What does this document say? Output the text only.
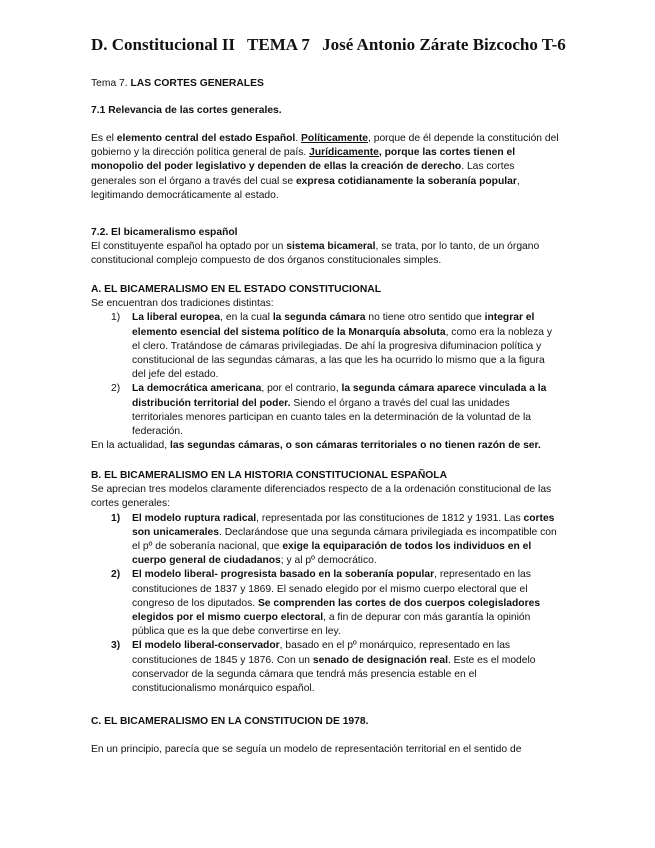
D. Constitucional II TEMA 7 José Antonio Zárate Bizcocho T-6
Tema 7. LAS CORTES GENERALES
7.1 Relevancia de las cortes generales.
Es el elemento central del estado Español. Políticamente, porque de él depende la constitución del gobierno y la dirección política general de país. Jurídicamente, porque las cortes tienen el monopolio del poder legislativo y dependen de ellas la creación de derecho. Las cortes generales son el órgano a través del cual se expresa cotidianamente la soberanía popular, legitimando democráticamente al estado.
7.2. El bicameralismo español
El constituyente español ha optado por un sistema bicameral, se trata, por lo tanto, de un órgano constitucional complejo compuesto de dos órganos constitucionales simples.
A. EL BICAMERALISMO EN EL ESTADO CONSTITUCIONAL
Se encuentran dos tradiciones distintas:
1)	La liberal europea, en la cual la segunda cámara no tiene otro sentido que integrar el elemento esencial del sistema político de la Monarquía absoluta, como era la nobleza y el clero. Tratándose de cámaras privilegiadas. De ahí la progresiva difuminacion política y constitucional de las segundas cámaras, a las que les ha ocurrido lo mismo que a la figura del jefe del estado.
2)	La democrática americana, por el contrario, la segunda cámara aparece vinculada a la distribución territorial del poder. Siendo el órgano a través del cual las unidades territoriales menores participan en cuanto tales en la determinación de la voluntad de la federación.
En la actualidad, las segundas cámaras, o son cámaras territoriales o no tienen razón de ser.
B. EL BICAMERALISMO EN LA HISTORIA CONSTITUCIONAL ESPAÑOLA
Se aprecian tres modelos claramente diferenciados respecto de a la ordenación constitucional de las cortes generales:
1)	El modelo ruptura radical, representada por las constituciones de 1812 y 1931. Las cortes son unicamerales. Declarándose que una segunda cámara privilegiada es incompatible con el pº de soberanía nacional, que exige la equiparación de todos los individuos en el cuerpo general de ciudadanos; y al pº democrático.
2)	El modelo liberal- progresista basado en la soberanía popular, representado en las constituciones de 1837 y 1869. El senado elegido por el mismo cuerpo electoral que el congreso de los diputados. Se comprenden las cortes de dos cuerpos colegisladores elegidos por el mismo cuerpo electoral, a fin de depurar con más garantía la opinión pública que es la que debe convertirse en ley.
3)	El modelo liberal-conservador, basado en el pº monárquico, representado en las constituciones de 1845 y 1876. Con un senado de designación real. Este es el modelo conservador de la segunda cámara que tendrá más presencia estable en el constitucionalismo monárquico español.
C. EL BICAMERALISMO EN LA CONSTITUCION DE 1978.
En un principio, parecía que se seguía un modelo de representación territorial en el sentido de
